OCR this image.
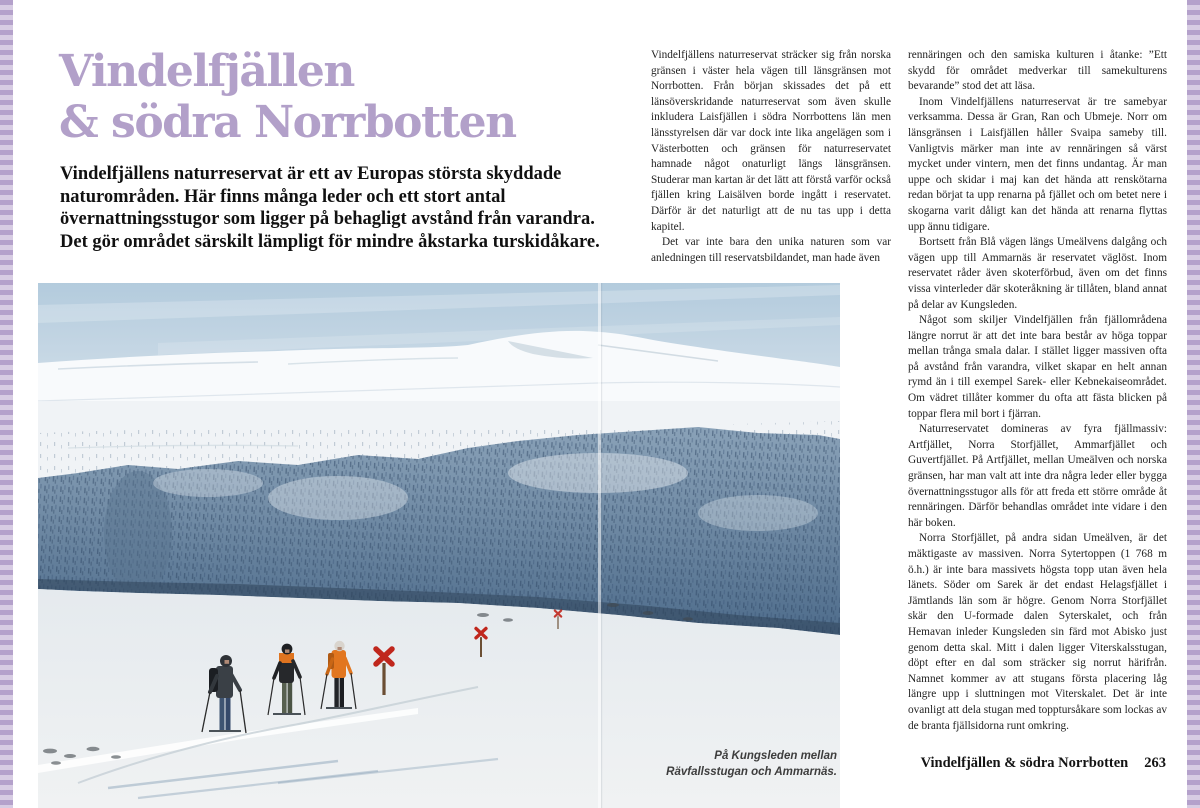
Vindelfjällen
& södra Norrbotten
Vindelfjällens naturreservat är ett av Europas största skyddade naturområden. Här finns många leder och ett stort antal övernattningsstugor som ligger på behagligt avstånd från varandra. Det gör området särskilt lämpligt för mindre åkstarka turskidåkare.

På Kungsleden mellan

Rävfallsstugan och Ammarnäs.

Vindelfjällens naturreservat sträcker sig från norska gränsen i väster hela vägen till länsgränsen mot Norrbotten. Från början skissades det på ett länsöverskridande naturreservat som även skulle inkludera Laisfjällen i södra Norrbottens län men länsstyrelsen där var dock inte lika angelägen som i Västerbotten och gränsen för naturreservatet hamnade något onaturligt längs länsgränsen. Studerar man kartan är det lätt att förstå varför också fjällen kring Laisälven borde ingått i reservatet. Därför är det naturligt att de nu tas upp i detta kapitel.

Det var inte bara den unika naturen som var anledningen till reservatsbildandet, man hade även

rennäringen och den samiska kulturen i åtanke: ”Ett skydd för området medverkar till samekulturens bevarande” stod det att läsa.

Inom Vindelfjällens naturreservat är tre samebyar verksamma. Dessa är Gran, Ran och Ubmeje. Norr om länsgränsen i Laisfjällen håller Svaipa sameby till. Vanligtvis märker man inte av rennäringen så värst mycket under vintern, men det finns undantag. Är man uppe och skidar i maj kan det hända att renskötarna redan börjat ta upp renarna på fjället och om betet nere i skogarna varit dåligt kan det hända att renarna flyttas upp ännu tidigare.

Bortsett från Blå vägen längs Umeälvens dalgång och vägen upp till Ammarnäs är reservatet väglöst. Inom reservatet råder även skoterförbud, även om det finns vissa vinterleder där skoteråkning är tillåten, bland annat på delar av Kungsleden.

Något som skiljer Vindelfjällen från fjällområdena längre norrut är att det inte bara består av höga toppar mellan trånga smala dalar. I stället ligger massiven ofta på avstånd från varandra, vilket skapar en helt annan rymd än i till exempel Sarek- eller Kebnekaiseområdet. Om vädret tillåter kommer du ofta att fästa blicken på toppar flera mil bort i fjärran.

Naturreservatet domineras av fyra fjällmassiv: Artfjället, Norra Storfjället, Ammarfjället och Guvertfjället. På Artfjället, mellan Umeälven och norska gränsen, har man valt att inte dra några leder eller bygga övernattningsstugor alls för att freda ett större område åt rennäringen. Därför behandlas området inte vidare i den här boken.

Norra Storfjället, på andra sidan Umeälven, är det mäktigaste av massiven. Norra Sytertoppen (1 768 m ö.h.) är inte bara massivets högsta topp utan även hela länets. Söder om Sarek är det endast Helagsfjället i Jämtlands län som är högre. Genom Norra Storfjället skär den U-formade dalen Syterskalet, och från Hemavan inleder Kungsleden sin färd mot Abisko just genom detta skal. Mitt i dalen ligger Viterskalsstugan, döpt efter en dal som sträcker sig norrut härifrån. Namnet kommer av att stugans första placering låg längre upp i sluttningen mot Viterskalet. Det är inte ovanligt att dela stugan med topptursåkare som lockas av de branta fjällsidorna runt omkring.

Vindelfjällen & södra Norrbotten 263
